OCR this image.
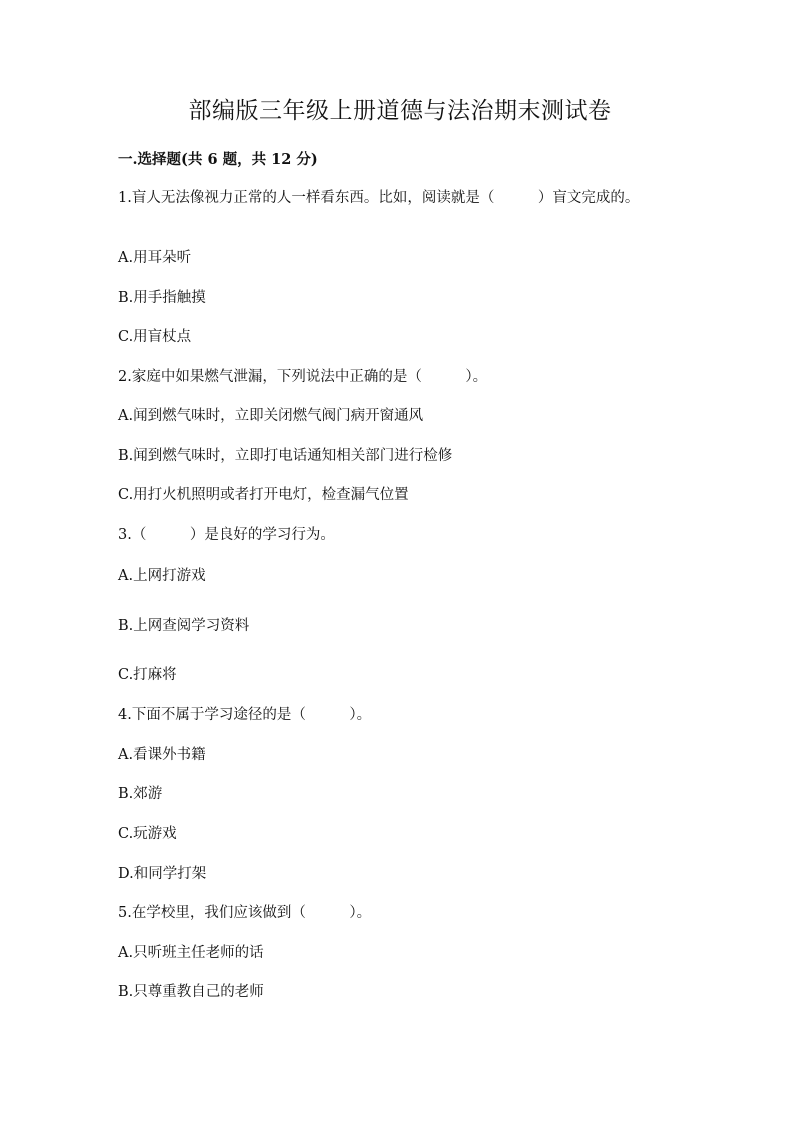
部编版三年级上册道德与法治期末测试卷
一.选择题(共 6 题，共 12 分)
1.盲人无法像视力正常的人一样看东西。比如，阅读就是（　　　）盲文完成的。
A.用耳朵听
B.用手指触摸
C.用盲杖点
2.家庭中如果燃气泄漏，下列说法中正确的是（　　　）。
A.闻到燃气味时，立即关闭燃气阀门病开窗通风
B.闻到燃气味时，立即打电话通知相关部门进行检修
C.用打火机照明或者打开电灯，检查漏气位置
3.（　　　）是良好的学习行为。
A.上网打游戏
B.上网查阅学习资料
C.打麻将
4.下面不属于学习途径的是（　　　）。
A.看课外书籍
B.郊游
C.玩游戏
D.和同学打架
5.在学校里，我们应该做到（　　　）。
A.只听班主任老师的话
B.只尊重教自己的老师
